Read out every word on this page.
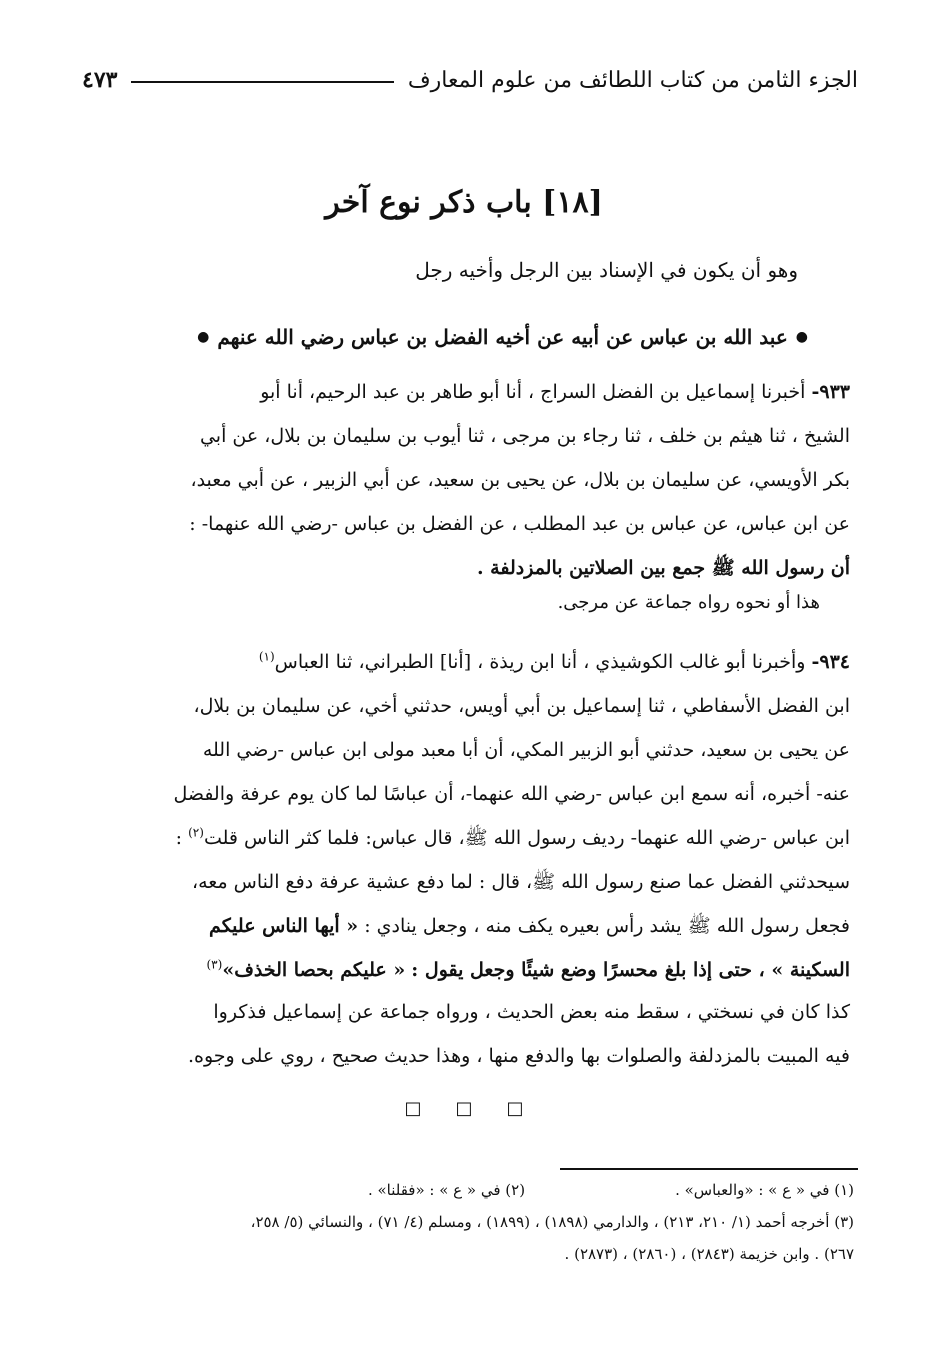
الجزء الثامن من كتاب اللطائف من علوم المعارف
٤٧٣
[١٨] باب ذكر نوع آخر
وهو أن يكون في الإسناد بين الرجل وأخيه رجل
●
عبد الله بن عباس عن أبيه عن أخيه الفضل بن عباس رضي الله عنهم
●

٩٣٣- أخبرنا إسماعيل بن الفضل السراج ، أنا أبو طاهر بن عبد الرحيم، أنا أبو

الشيخ ، ثنا هيثم بن خلف ، ثنا رجاء بن مرجى ، ثنا أيوب بن سليمان بن بلال، عن أبي

بكر الأويسي، عن سليمان بن بلال، عن يحيى بن سعيد، عن أبي الزبير ، عن أبي معبد،

عن ابن عباس، عن عباس بن عبد المطلب ، عن الفضل بن عباس -رضي الله عنهما- :

أن رسول الله ﷺ جمع بين الصلاتين بالمزدلفة .

هذا أو نحوه رواه جماعة عن مرجى.

٩٣٤- وأخبرنا أبو غالب الكوشيذي ، أنا ابن ريذة ، [أنا] الطبراني، ثنا العباس$^{(١)}$

ابن الفضل الأسفاطي ، ثنا إسماعيل بن أبي أويس، حدثني أخي، عن سليمان بن بلال،

عن يحيى بن سعيد، حدثني أبو الزبير المكي، أن أبا معبد مولى ابن عباس -رضي الله

عنه- أخبره، أنه سمع ابن عباس -رضي الله عنهما-، أن عباسًا لما كان يوم عرفة والفضل

ابن عباس -رضي الله عنهما- رديف رسول الله ﷺ، قال عباس: فلما كثر الناس قلت$^{(٢)}$ :

سيحدثني الفضل عما صنع رسول الله ﷺ، قال : لما دفع عشية عرفة دفع الناس معه،

فجعل رسول الله ﷺ يشد رأس بعيره يكف منه ، وجعل ينادي : « أيها الناس عليكم

السكينة » ، حتى إذا بلغ محسرًا وضع شيئًا وجعل يقول : « عليكم بحصا الخذف»$^{(٣)}$

كذا كان في نسختي ، سقط منه بعض الحديث ، ورواه جماعة عن إسماعيل فذكروا

فيه المبيت بالمزدلفة والصلوات بها والدفع منها ، وهذا حديث صحيح ، روي على وجوه.

□ □ □
(١) في « ع » : «والعباس» .
(٢) في « ع » : «فقلنا» .
(٣) أخرجه أحمد (١/ ٢١٠، ٢١٣) ، والدارمي (١٨٩٨) ، (١٨٩٩) ، ومسلم (٤/ ٧١) ، والنسائي (٥/ ٢٥٨،
٢٦٧) . وابن خزيمة (٢٨٤٣) ، (٢٨٦٠) ، (٢٨٧٣) .
